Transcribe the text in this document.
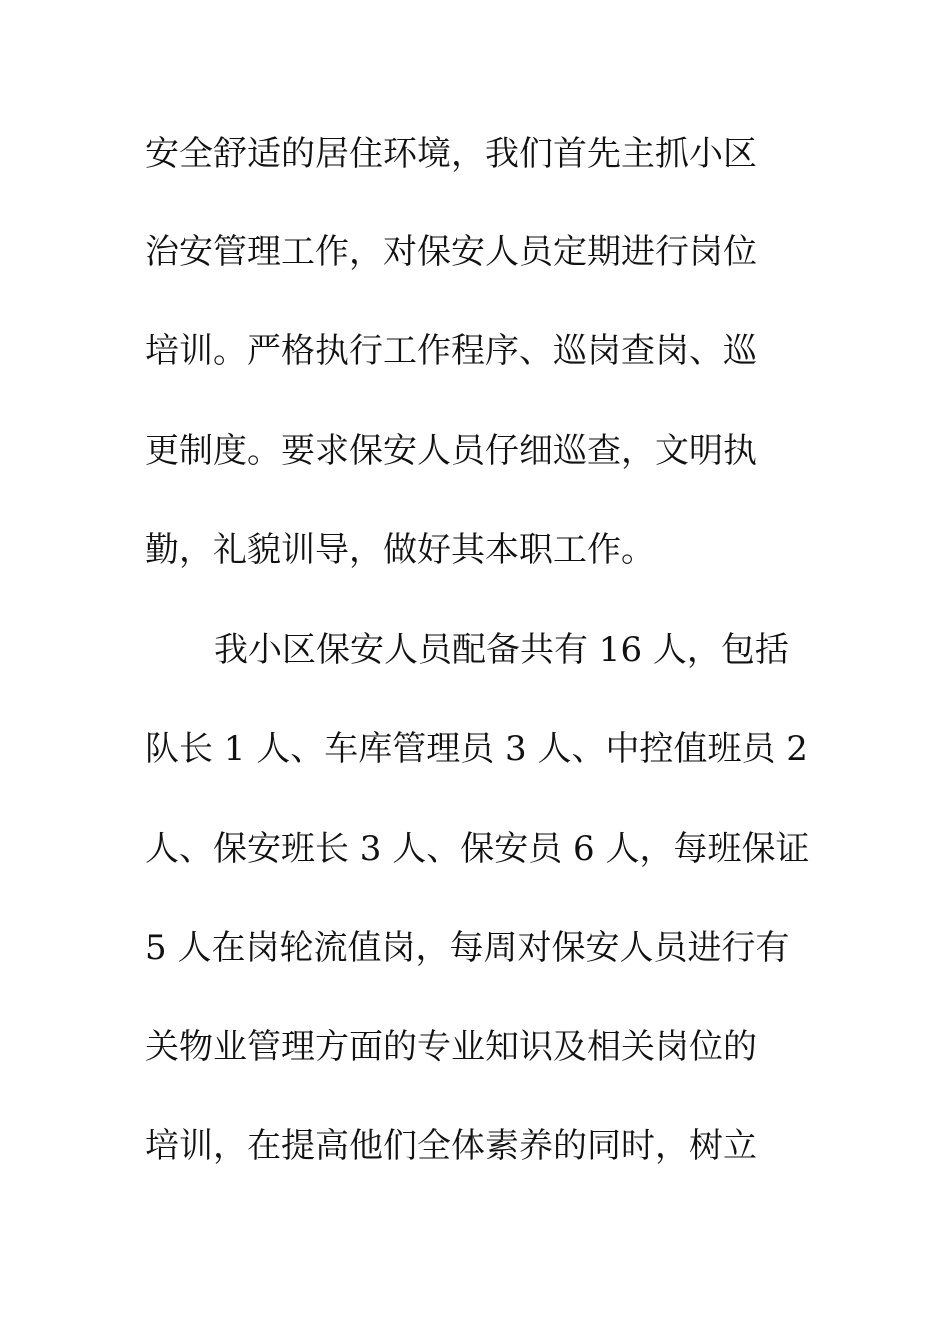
安全舒适的居住环境，我们首先主抓小区
治安管理工作，对保安人员定期进行岗位
培训。严格执行工作程序、巡岗查岗、巡
更制度。要求保安人员仔细巡查，文明执
勤，礼貌训导，做好其本职工作。
我小区保安人员配备共有 16 人，包括
队长 1 人、车库管理员 3 人、中控值班员 2
人、保安班长 3 人、保安员 6 人，每班保证
5 人在岗轮流值岗，每周对保安人员进行有
关物业管理方面的专业知识及相关岗位的
培训，在提高他们全体素养的同时，树立
